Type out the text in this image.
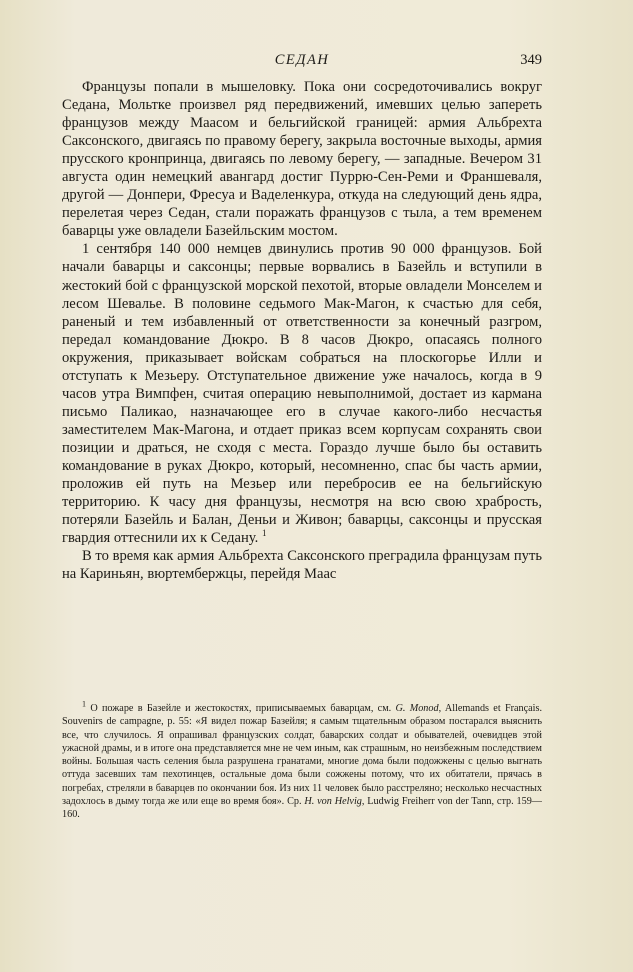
СЕДАН	349

Французы попали в мышеловку. Пока они сосредоточивались вокруг Седана, Мольтке произвел ряд передвижений, имевших целью запереть французов между Маасом и бельгийской границей: армия Альбрехта Саксонского, двигаясь по правому берегу, закрыла восточные выходы, армия прусского кронпринца, двигаясь по левому берегу, — западные. Вечером 31 августа один немецкий авангард достиг Пуррю-Сен-Реми и Франшеваля, другой — Донпери, Фресуа и Ваделенкура, откуда на следующий день ядра, перелетая через Седан, стали поражать французов с тыла, а тем временем баварцы уже овладели Базейльским мостом.

1 сентября 140 000 немцев двинулись против 90 000 французов. Бой начали баварцы и саксонцы; первые ворвались в Базейль и вступили в жестокий бой с французской морской пехотой, вторые овладели Монселем и лесом Шевалье. В половине седьмого Мак-Магон, к счастью для себя, раненый и тем избавленный от ответственности за конечный разгром, передал командование Дюкро. В 8 часов Дюкро, опасаясь полного окружения, приказывает войскам собраться на плоскогорье Илли и отступать к Мезьеру. Отступательное движение уже началось, когда в 9 часов утра Вимпфен, считая операцию невыполнимой, достает из кармана письмо Паликао, назначающее его в случае какого-либо несчастья заместителем Мак-Магона, и отдает приказ всем корпусам сохранять свои позиции и драться, не сходя с места. Гораздо лучше было бы оставить командование в руках Дюкро, который, несомненно, спас бы часть армии, проложив ей путь на Мезьер или перебросив ее на бельгийскую территорию. К часу дня французы, несмотря на всю свою храбрость, потеряли Базейль и Балан, Деньи и Живон; баварцы, саксонцы и прусская гвардия оттеснили их к Седану. $^1$

В то время как армия Альбрехта Саксонского преградила французам путь на Кариньян, вюртембержцы, перейдя Маас

$^1$ О пожаре в Базейле и жестокостях, приписываемых баварцам, см. G. Monod, Allemands et Français. Souvenirs de campagne, p. 55: «Я видел пожар Базейля; я самым тщательным образом постарался выяснить все, что случилось. Я опрашивал французских солдат, баварских солдат и обывателей, очевидцев этой ужасной драмы, и в итоге она представляется мне не чем иным, как страшным, но неизбежным последствием войны. Большая часть селения была разрушена гранатами, многие дома были подожжены с целью выгнать оттуда засевших там пехотинцев, остальные дома были сожжены потому, что их обитатели, прячась в погребах, стреляли в баварцев по окончании боя. Из них 11 человек было расстреляно; несколько несчастных задохлось в дыму тогда же или еще во время боя». Ср. H. von Helvig, Ludwig Freiherr von der Tann, стр. 159—160.
